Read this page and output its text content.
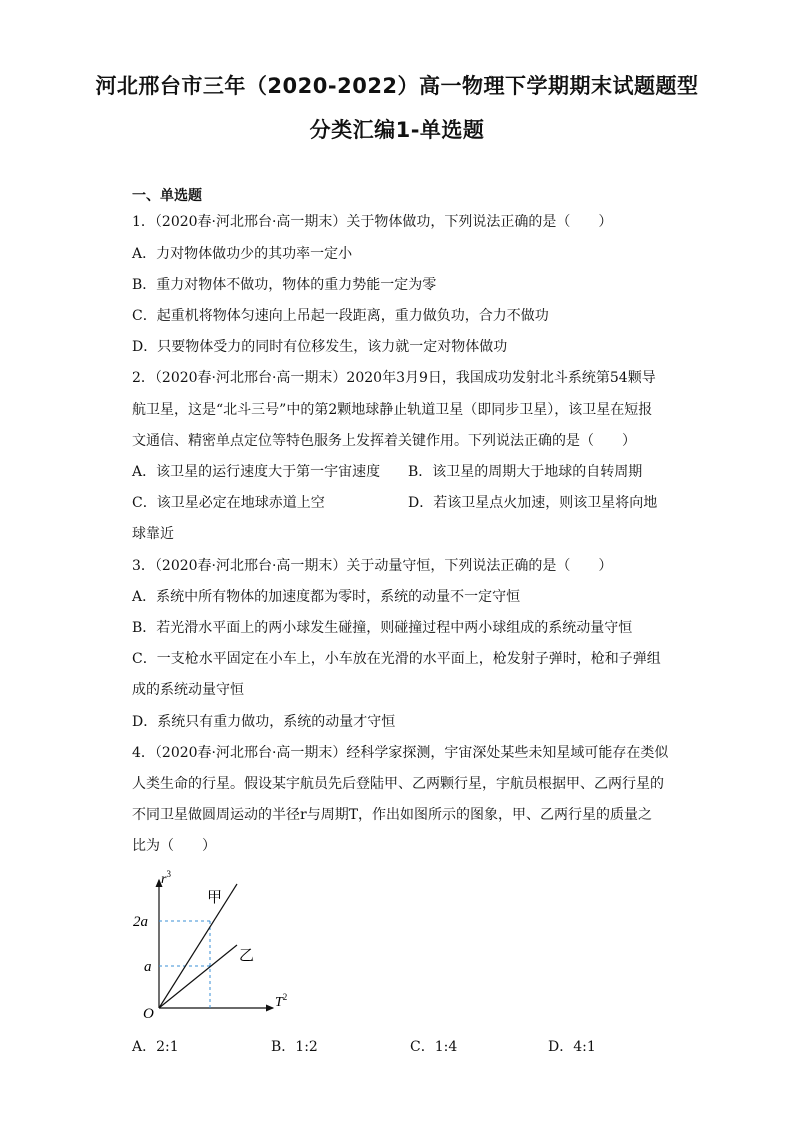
河北邢台市三年（2020-2022）高一物理下学期期末试题题型
分类汇编1-单选题
一、单选题
1．（2020春·河北邢台·高一期末）关于物体做功，下列说法正确的是（　　）
A．力对物体做功少的其功率一定小
B．重力对物体不做功，物体的重力势能一定为零
C．起重机将物体匀速向上吊起一段距离，重力做负功，合力不做功
D．只要物体受力的同时有位移发生，该力就一定对物体做功
2．（2020春·河北邢台·高一期末）2020年3月9日，我国成功发射北斗系统第54颗导
航卫星，这是“北斗三号”中的第2颗地球静止轨道卫星（即同步卫星），该卫星在短报
文通信、精密单点定位等特色服务上发挥着关键作用。下列说法正确的是（　　）
A．该卫星的运行速度大于第一宇宙速度 B．该卫星的周期大于地球的自转周期
C．该卫星必定在地球赤道上空	D．若该卫星点火加速，则该卫星将向地
球靠近
3．（2020春·河北邢台·高一期末）关于动量守恒，下列说法正确的是（　　）
A．系统中所有物体的加速度都为零时，系统的动量不一定守恒
B．若光滑水平面上的两小球发生碰撞，则碰撞过程中两小球组成的系统动量守恒
C．一支枪水平固定在小车上，小车放在光滑的水平面上，枪发射子弹时，枪和子弹组
成的系统动量守恒
D．系统只有重力做功，系统的动量才守恒
4．（2020春·河北邢台·高一期末）经科学家探测，宇宙深处某些未知星域可能存在类似
人类生命的行星。假设某宇航员先后登陆甲、乙两颗行星，宇航员根据甲、乙两行星的
不同卫星做圆周运动的半径r与周期T，作出如图所示的图象，甲、乙两行星的质量之
比为（　　）
$r^3$
$T^2$
O
2a
a
甲
乙
A．2:1	B．1:2	C．1:4	D．4:1
